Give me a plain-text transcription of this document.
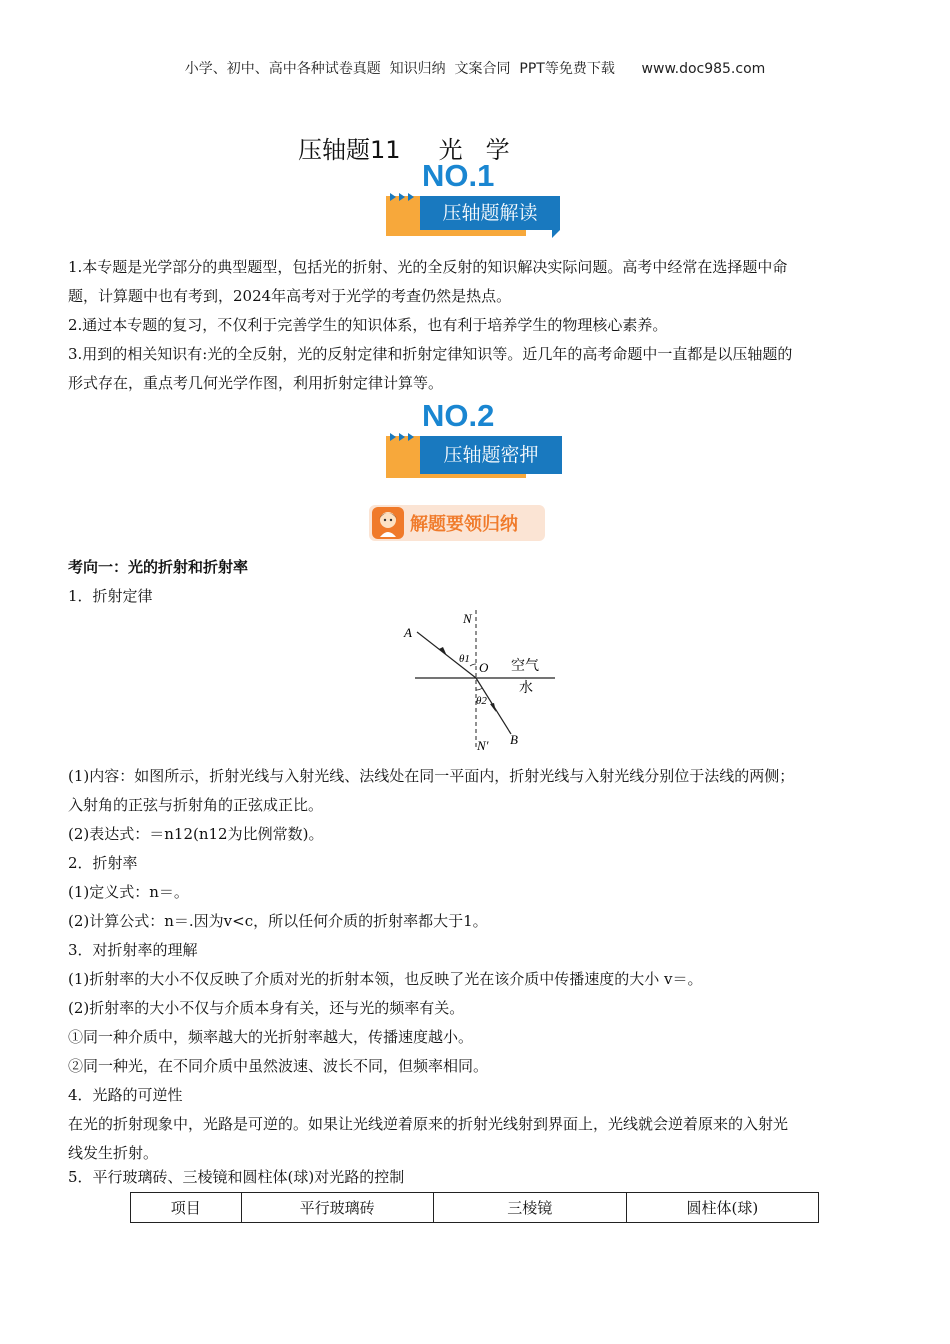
小学、初中、高中各种试卷真题  知识归纳  文案合同  PPT等免费下载 www.doc985.com
压轴题11     光   学
NO.1
压轴题解读
1.本专题是光学部分的典型题型，包括光的折射、光的全反射的知识解决实际问题。高考中经常在选择题中命
题，计算题中也有考到，2024年高考对于光学的考查仍然是热点。
2.通过本专题的复习，不仅利于完善学生的知识体系，也有利于培养学生的物理核心素养。
3.用到的相关知识有:光的全反射，光的反射定律和折射定律知识等。近几年的高考命题中一直都是以压轴题的
形式存在，重点考几何光学作图，利用折射定律计算等。
NO.2
压轴题密押
解题要领归纳
考向一：光的折射和折射率
1．折射定律
N
A
θ1
O 空气
水
θ2
B
N′
(1)内容：如图所示，折射光线与入射光线、法线处在同一平面内，折射光线与入射光线分别位于法线的两侧；
入射角的正弦与折射角的正弦成正比。
(2)表达式：＝n12(n12为比例常数)。
2．折射率
(1)定义式：n＝。
(2)计算公式：n＝.因为v<c，所以任何介质的折射率都大于1。
3．对折射率的理解
(1)折射率的大小不仅反映了介质对光的折射本领，也反映了光在该介质中传播速度的大小 v＝。
(2)折射率的大小不仅与介质本身有关，还与光的频率有关。
①同一种介质中，频率越大的光折射率越大，传播速度越小。
②同一种光，在不同介质中虽然波速、波长不同，但频率相同。
4．光路的可逆性
在光的折射现象中，光路是可逆的。如果让光线逆着原来的折射光线射到界面上，光线就会逆着原来的入射光
线发生折射。
5．平行玻璃砖、三棱镜和圆柱体(球)对光路的控制
项目	平行玻璃砖	三棱镜	圆柱体(球)
